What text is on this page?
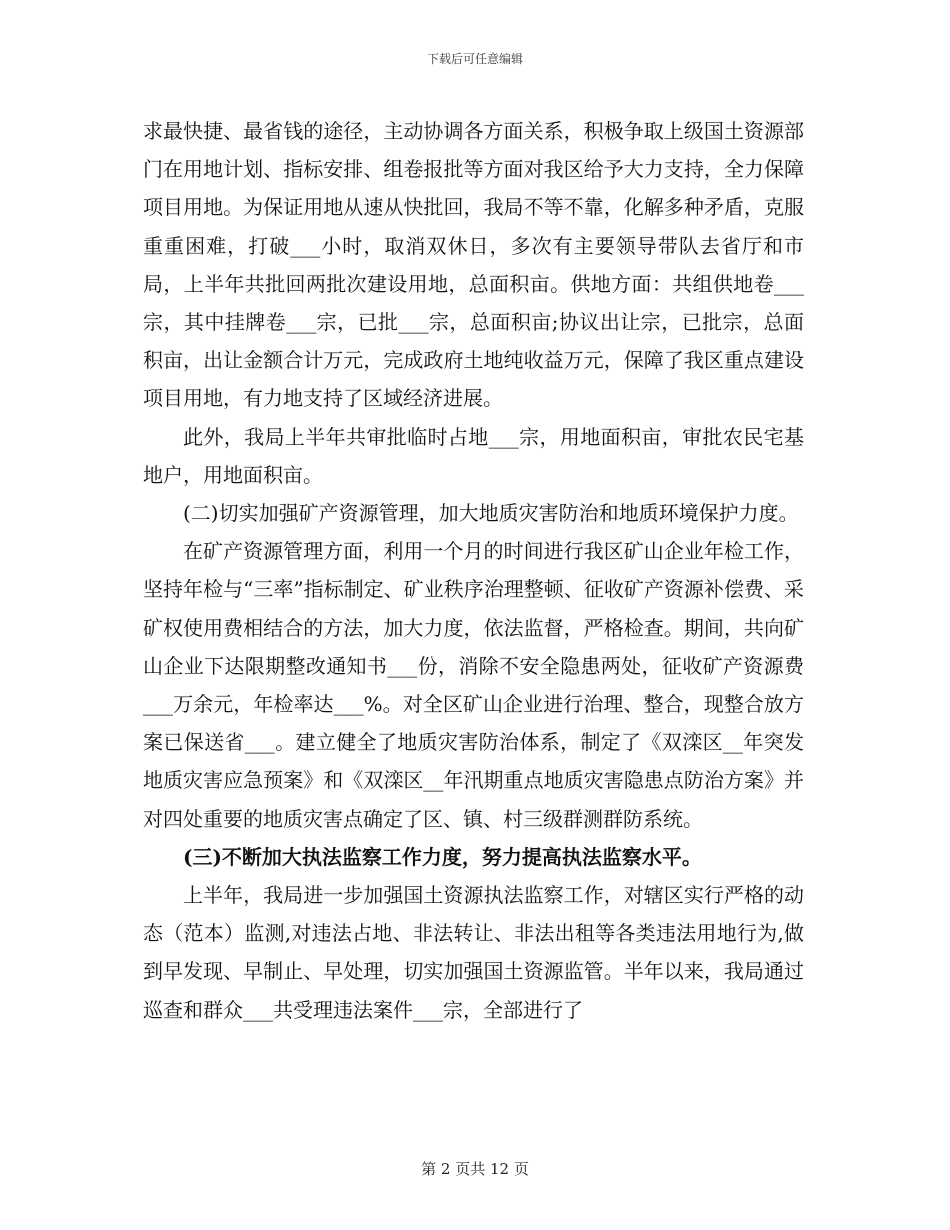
下载后可任意编辑

求最快捷、最省钱的途径，主动协调各方面关系，积极争取上级国土资源部门在用地计划、指标安排、组卷报批等方面对我区给予大力支持，全力保障项目用地。为保证用地从速从快批回，我局不等不靠，化解多种矛盾，克服重重困难，打破___小时，取消双休日，多次有主要领导带队去省厅和市局，上半年共批回两批次建设用地，总面积亩。供地方面：共组供地卷___宗，其中挂牌卷___宗，已批___宗，总面积亩;协议出让宗，已批宗，总面积亩，出让金额合计万元，完成政府土地纯收益万元，保障了我区重点建设项目用地，有力地支持了区域经济进展。

此外，我局上半年共审批临时占地___宗，用地面积亩，审批农民宅基地户，用地面积亩。

(二)切实加强矿产资源管理，加大地质灾害防治和地质环境保护力度。

在矿产资源管理方面，利用一个月的时间进行我区矿山企业年检工作，坚持年检与“三率”指标制定、矿业秩序治理整顿、征收矿产资源补偿费、采矿权使用费相结合的方法，加大力度，依法监督，严格检查。期间，共向矿山企业下达限期整改通知书___份，消除不安全隐患两处，征收矿产资源费___万余元，年检率达___%。对全区矿山企业进行治理、整合，现整合放方案已保送省___。建立健全了地质灾害防治体系，制定了《双滦区__年突发地质灾害应急预案》和《双滦区__年汛期重点地质灾害隐患点防治方案》并对四处重要的地质灾害点确定了区、镇、村三级群测群防系统。

(三)不断加大执法监察工作力度，努力提高执法监察水平。

上半年，我局进一步加强国土资源执法监察工作，对辖区实行严格的动态（范本）监测,对违法占地、非法转让、非法出租等各类违法用地行为,做到早发现、早制止、早处理，切实加强国土资源监管。半年以来，我局通过巡查和群众___共受理违法案件___宗，全部进行了

第 2 页共 12 页
